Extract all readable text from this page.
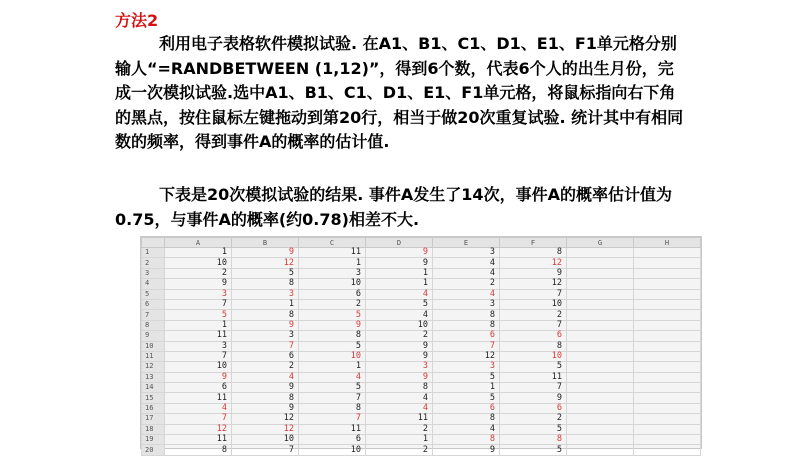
方法2
利用电子表格软件模拟试验. 在A1、B1、C1、D1、E1、F1单元格分别输人“=RANDBETWEEN (1,12)”，得到6个数，代表6个人的出生月份，完成一次模拟试验.选中A1、B1、C1、D1、E1、F1单元格，将鼠标指向右下角的黑点，按住鼠标左键拖动到第20行，相当于做20次重复试验. 统计其中有相同数的频率，得到事件A的概率的估计值.
下表是20次模拟试验的结果. 事件A发生了14次，事件A的概率估计值为0.75，与事件A的概率(约0.78)相差不大.
	A	B	C	D	E	F	G	H
1	1	9	11	9	3	8		
2	10	12	1	9	4	12		
3	2	5	3	1	4	9		
4	9	8	10	1	2	12		
5	3	3	6	4	4	7		
6	7	1	2	5	3	10		
7	5	8	5	4	8	2		
8	1	9	9	10	8	7		
9	11	3	8	2	6	6		
10	3	7	5	9	7	8		
11	7	6	10	9	12	10		
12	10	2	1	3	3	5		
13	9	4	4	9	5	11		
14	6	9	5	8	1	7		
15	11	8	7	4	5	9		
16	4	9	8	4	6	6		
17	7	12	7	11	8	2		
18	12	12	11	2	4	5		
19	11	10	6	1	8	8		
20	8	7	10	2	9	5		
